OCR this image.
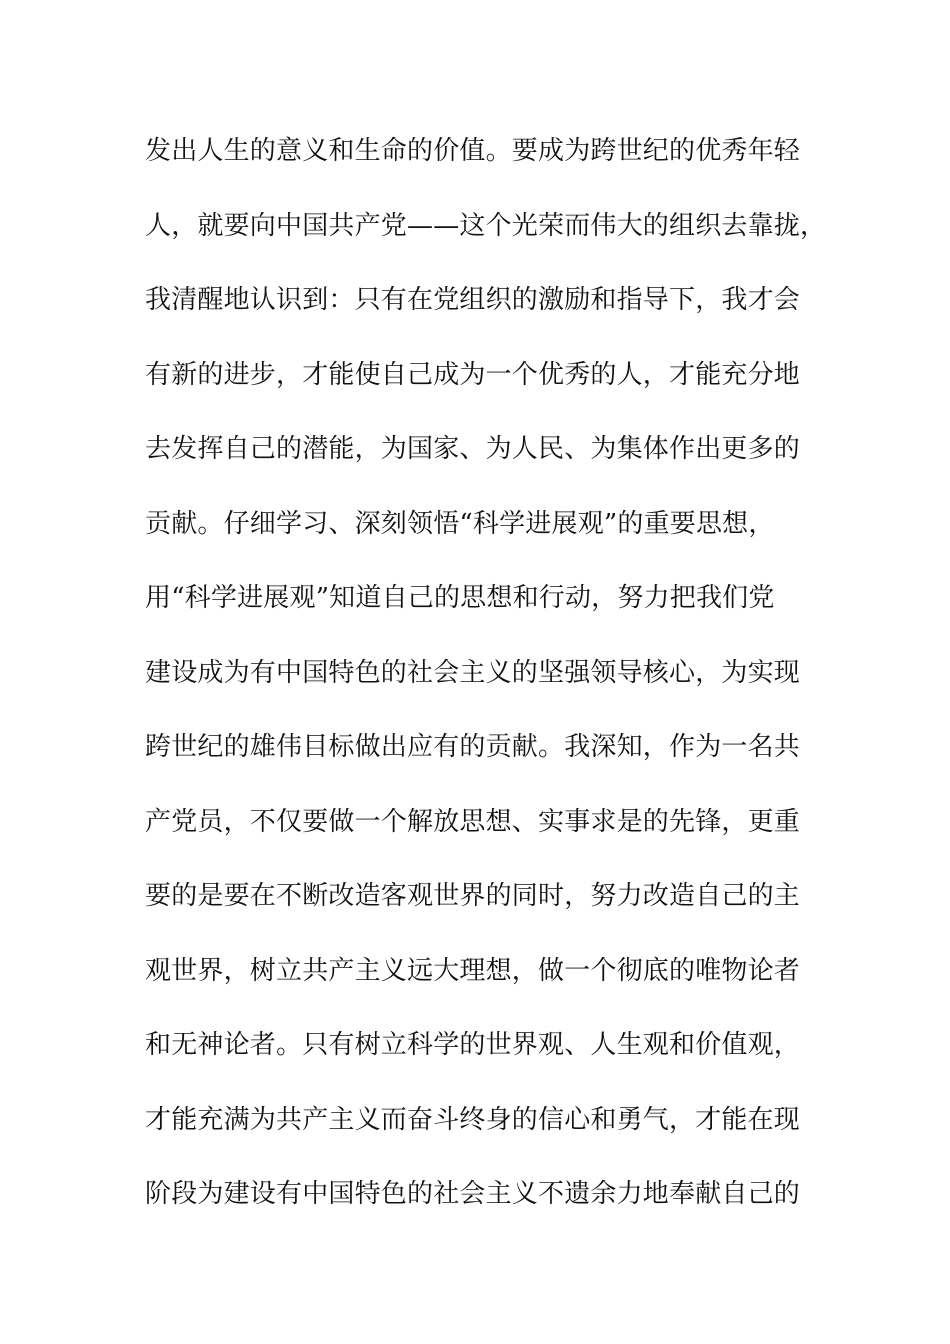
发出人生的意义和生命的价值。要成为跨世纪的优秀年轻
人，就要向中国共产党——这个光荣而伟大的组织去靠拢，
我清醒地认识到：只有在党组织的激励和指导下，我才会
有新的进步，才能使自己成为一个优秀的人，才能充分地
去发挥自己的潜能，为国家、为人民、为集体作出更多的
贡献。仔细学习、深刻领悟“科学进展观”的重要思想，
用“科学进展观”知道自己的思想和行动，努力把我们党
建设成为有中国特色的社会主义的坚强领导核心，为实现
跨世纪的雄伟目标做出应有的贡献。我深知，作为一名共
产党员，不仅要做一个解放思想、实事求是的先锋，更重
要的是要在不断改造客观世界的同时，努力改造自己的主
观世界，树立共产主义远大理想，做一个彻底的唯物论者
和无神论者。只有树立科学的世界观、人生观和价值观，
才能充满为共产主义而奋斗终身的信心和勇气，才能在现
阶段为建设有中国特色的社会主义不遗余力地奉献自己的
